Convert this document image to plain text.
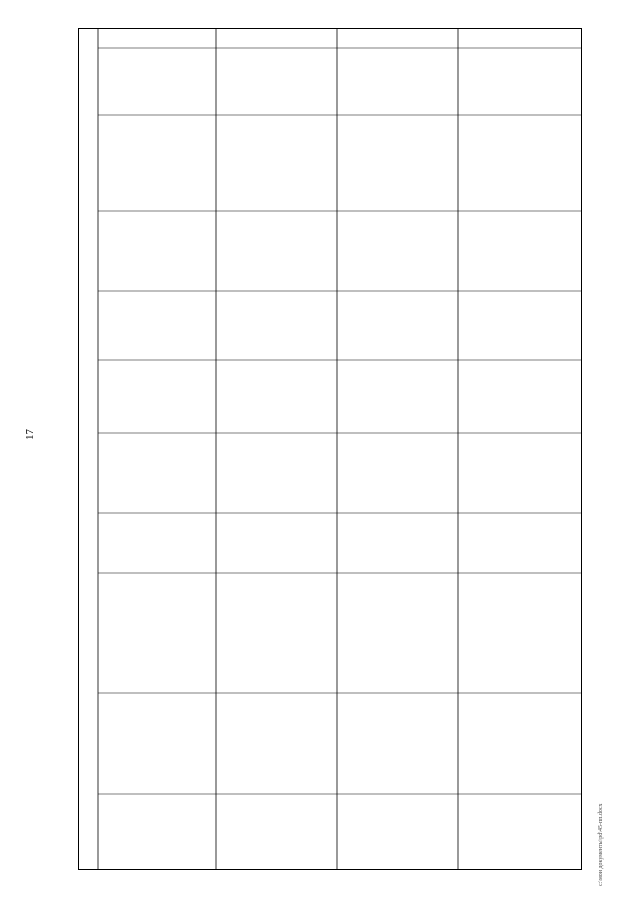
17
c:\мои документы\pd\45-пп.docx
